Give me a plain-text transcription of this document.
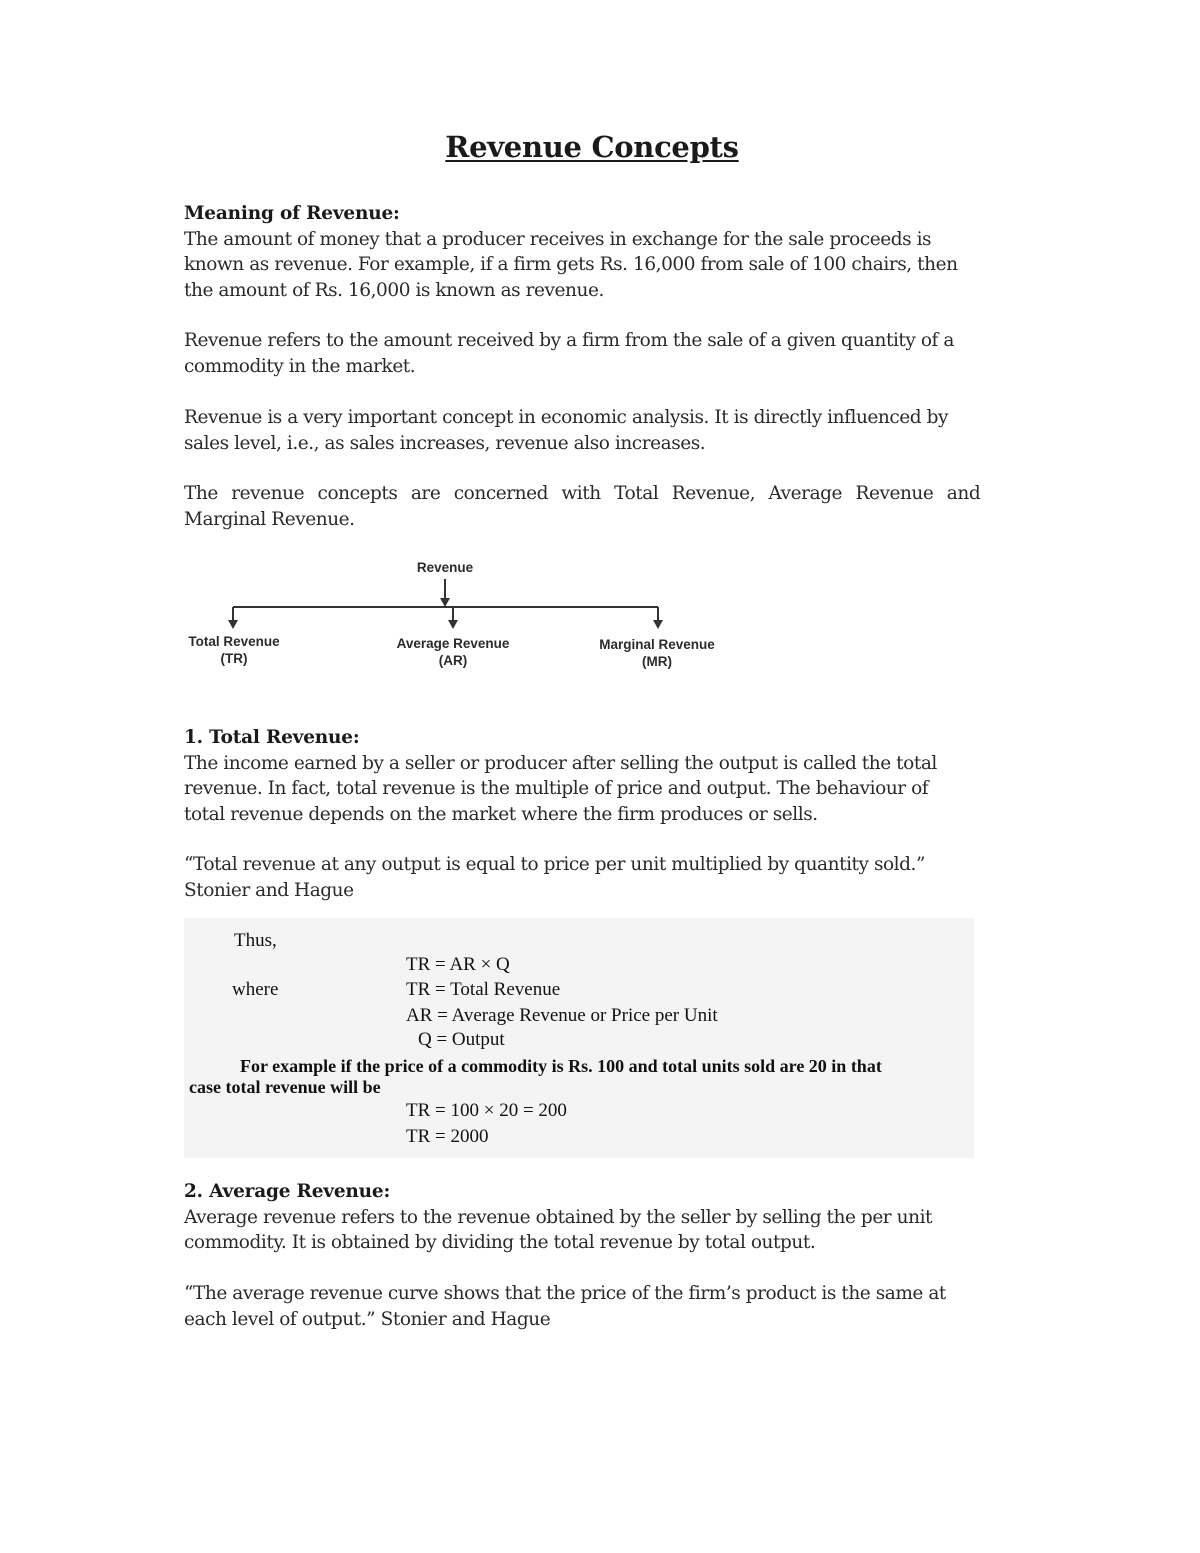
Revenue Concepts

Meaning of Revenue:

The amount of money that a producer receives in exchange for the sale proceeds is

known as revenue. For example, if a firm gets Rs. 16,000 from sale of 100 chairs, then

the amount of Rs. 16,000 is known as revenue.

Revenue refers to the amount received by a firm from the sale of a given quantity of a

commodity in the market.

Revenue is a very important concept in economic analysis. It is directly influenced by

sales level, i.e., as sales increases, revenue also increases.

The revenue concepts are concerned with Total Revenue, Average Revenue and

Marginal Revenue.

Revenue
Total Revenue
(TR)
Average Revenue
(AR)
Marginal Revenue
(MR)

1. Total Revenue:

The income earned by a seller or producer after selling the output is called the total

revenue. In fact, total revenue is the multiple of price and output. The behaviour of

total revenue depends on the market where the firm produces or sells.

“Total revenue at any output is equal to price per unit multiplied by quantity sold.”

Stonier and Hague

Thus,
TR = AR × Q
where	TR = Total Revenue
AR = Average Revenue or Price per Unit
Q = Output
For example if the price of a commodity is Rs. 100 and total units sold are 20 in that
case total revenue will be
TR = 100 × 20 = 200
TR = 2000

2. Average Revenue:

Average revenue refers to the revenue obtained by the seller by selling the per unit

commodity. It is obtained by dividing the total revenue by total output.

“The average revenue curve shows that the price of the firm’s product is the same at

each level of output.” Stonier and Hague
